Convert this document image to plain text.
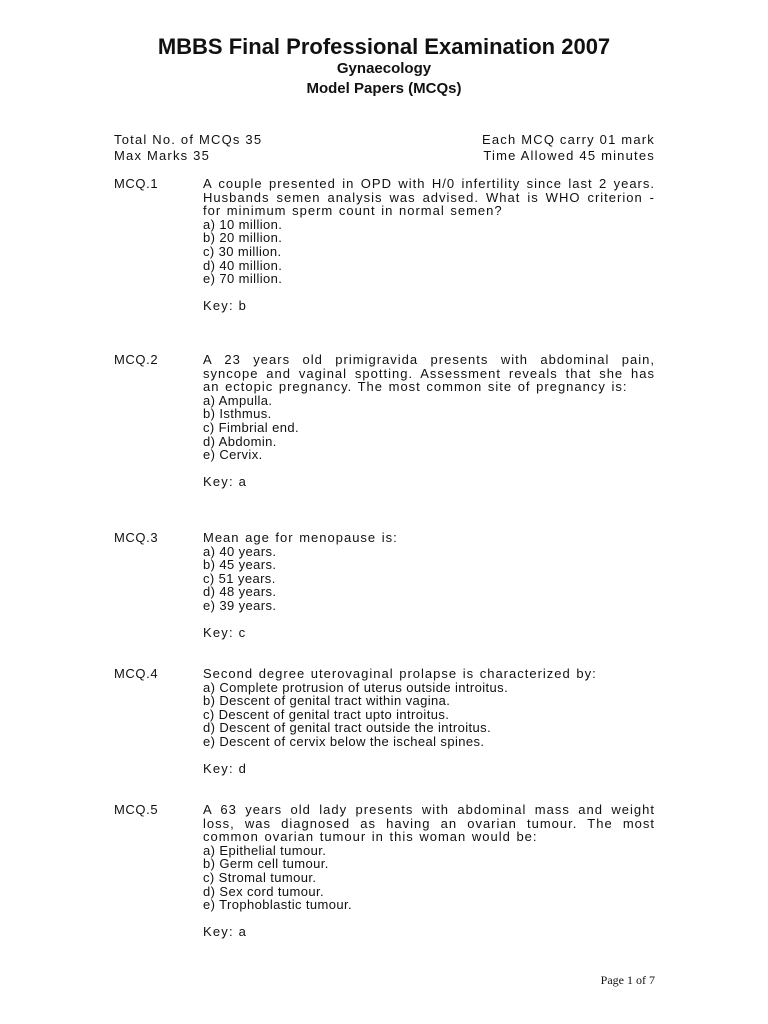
MBBS Final Professional Examination 2007
Gynaecology
Model Papers (MCQs)
Total No. of MCQs 35	Each MCQ carry 01 mark
Max Marks 35	Time Allowed 45 minutes
MCQ.1	A couple presented in OPD with H/0 infertility since last 2 years. Husbands semen analysis was advised. What is WHO criterion - for minimum sperm count in normal semen?
a) 10 million.
b) 20 million.
c) 30 million.
d) 40 million.
e) 70 million.
Key: b
MCQ.2	A 23 years old primigravida presents with abdominal pain, syncope and vaginal spotting. Assessment reveals that she has an ectopic pregnancy. The most common site of pregnancy is:
a) Ampulla.
b) Isthmus.
c) Fimbrial end.
d) Abdomin.
e) Cervix.
Key: a
MCQ.3	Mean age for menopause is:
a) 40 years.
b) 45 years.
c) 51 years.
d) 48 years.
e) 39 years.
Key: c
MCQ.4	Second degree uterovaginal prolapse is characterized by:
a) Complete protrusion of uterus outside introitus.
b) Descent of genital tract within vagina.
c) Descent of genital tract upto introitus.
d) Descent of genital tract outside the introitus.
e) Descent of cervix below the ischeal spines.
Key: d
MCQ.5	A 63 years old lady presents with abdominal mass and weight loss, was diagnosed as having an ovarian tumour. The most common ovarian tumour in this woman would be:
a) Epithelial tumour.
b) Germ cell tumour.
c) Stromal tumour.
d) Sex cord tumour.
e) Trophoblastic tumour.
Key: a
Page 1 of 7
